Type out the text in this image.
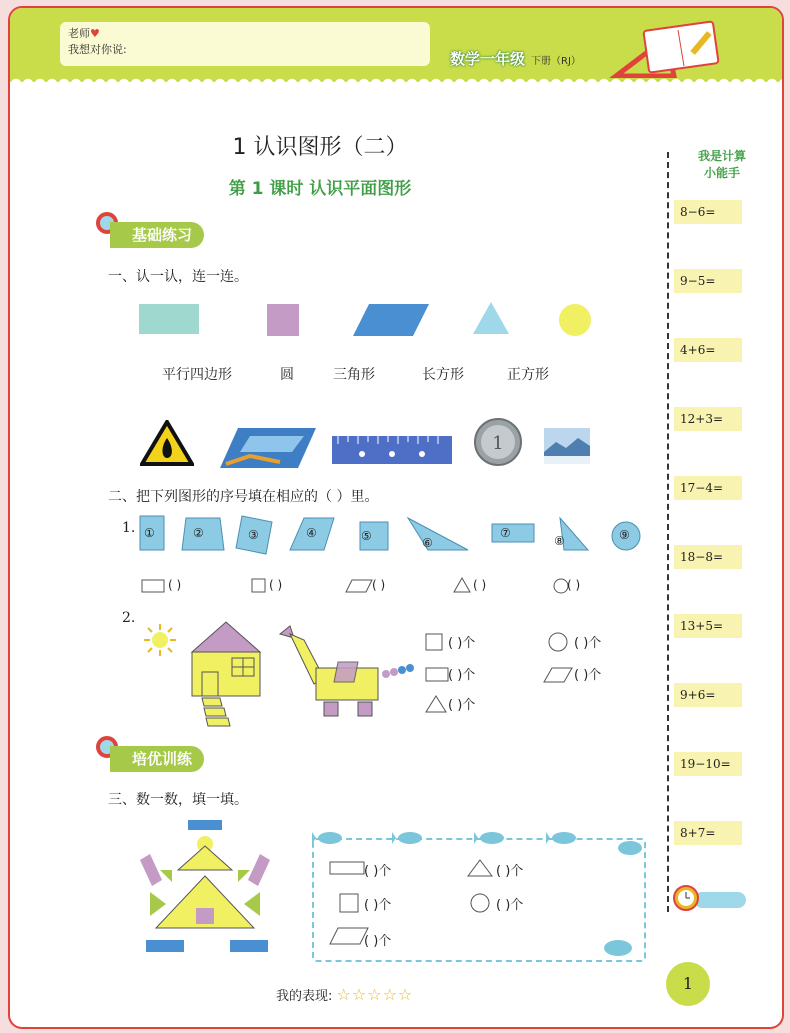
老师♥
我想对你说:
数学一年级 下册（RJ）
1 认识图形（二）
第 1 课时 认识平面图形
基础练习
一、认一认，连一连。
平行四边形	圆	三角形	长方形	正方形
1
二、把下列图形的序号填在相应的（ ）里。
1. ①	②	③	④	⑤	⑥
⑦
⑧	⑨
( )	( )	( )	( )	( )
2.
( )个	( )个
( )个	( )个
( )个
培优训练
三、数一数，填一填。
( )个	( )个
( )个	( )个
( )个
我是计算
小能手
8−6=
9−5=
4+6=
12+3=
17−4=
18−8=
13+5=
9+6=
19−10=
8+7=
我的表现: ☆☆☆☆☆
1
